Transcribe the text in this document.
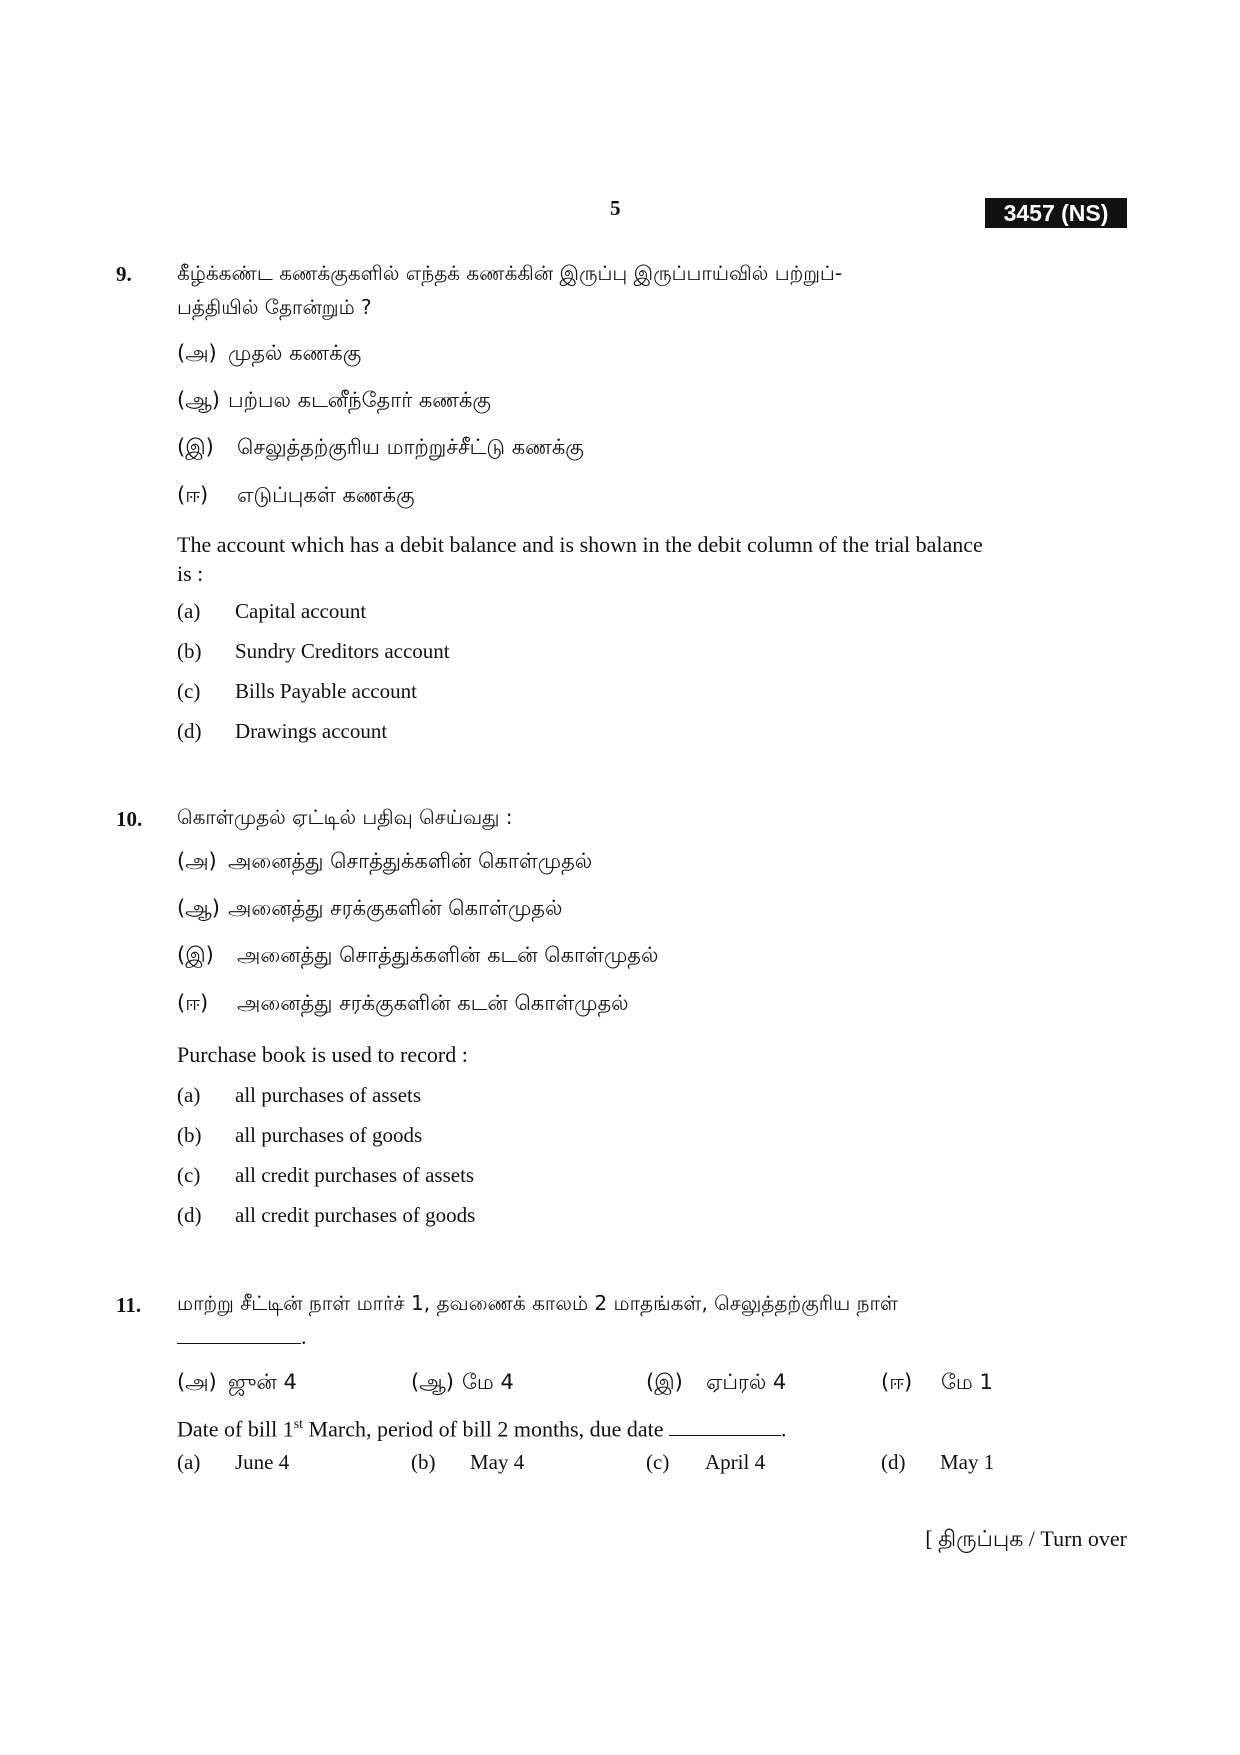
5	3457 (NS)
9. கீழ்க்கண்ட கணக்குகளில் எந்தக் கணக்கின் இருப்பு இருப்பாய்வில் பற்றுப்-
பத்தியில் தோன்றும் ?
(அ) முதல் கணக்கு
(ஆ) பற்பல கடனீந்தோர் கணக்கு
(இ) செலுத்தற்குரிய மாற்றுச்சீட்டு கணக்கு
(ஈ) எடுப்புகள் கணக்கு
The account which has a debit balance and is shown in the debit column of the trial balance
is :
(a) Capital account
(b) Sundry Creditors account
(c) Bills Payable account
(d) Drawings account
10. கொள்முதல் ஏட்டில் பதிவு செய்வது :
(அ) அனைத்து சொத்துக்களின் கொள்முதல்
(ஆ) அனைத்து சரக்குகளின் கொள்முதல்
(இ) அனைத்து சொத்துக்களின் கடன் கொள்முதல்
(ஈ) அனைத்து சரக்குகளின் கடன் கொள்முதல்
Purchase book is used to record :
(a) all purchases of assets
(b) all purchases of goods
(c) all credit purchases of assets
(d) all credit purchases of goods
11. மாற்று சீட்டின் நாள் மார்ச் 1, தவணைக் காலம் 2 மாதங்கள், செலுத்தற்குரிய நாள்
.
(அ) ஜுன் 4	(ஆ) மே 4	(இ) ஏப்ரல் 4	(ஈ) மே 1
Date of bill 1st March, period of bill 2 months, due date	.
(a) June 4	(b) May 4	(c) April 4	(d) May 1
[ திருப்புக / Turn over
